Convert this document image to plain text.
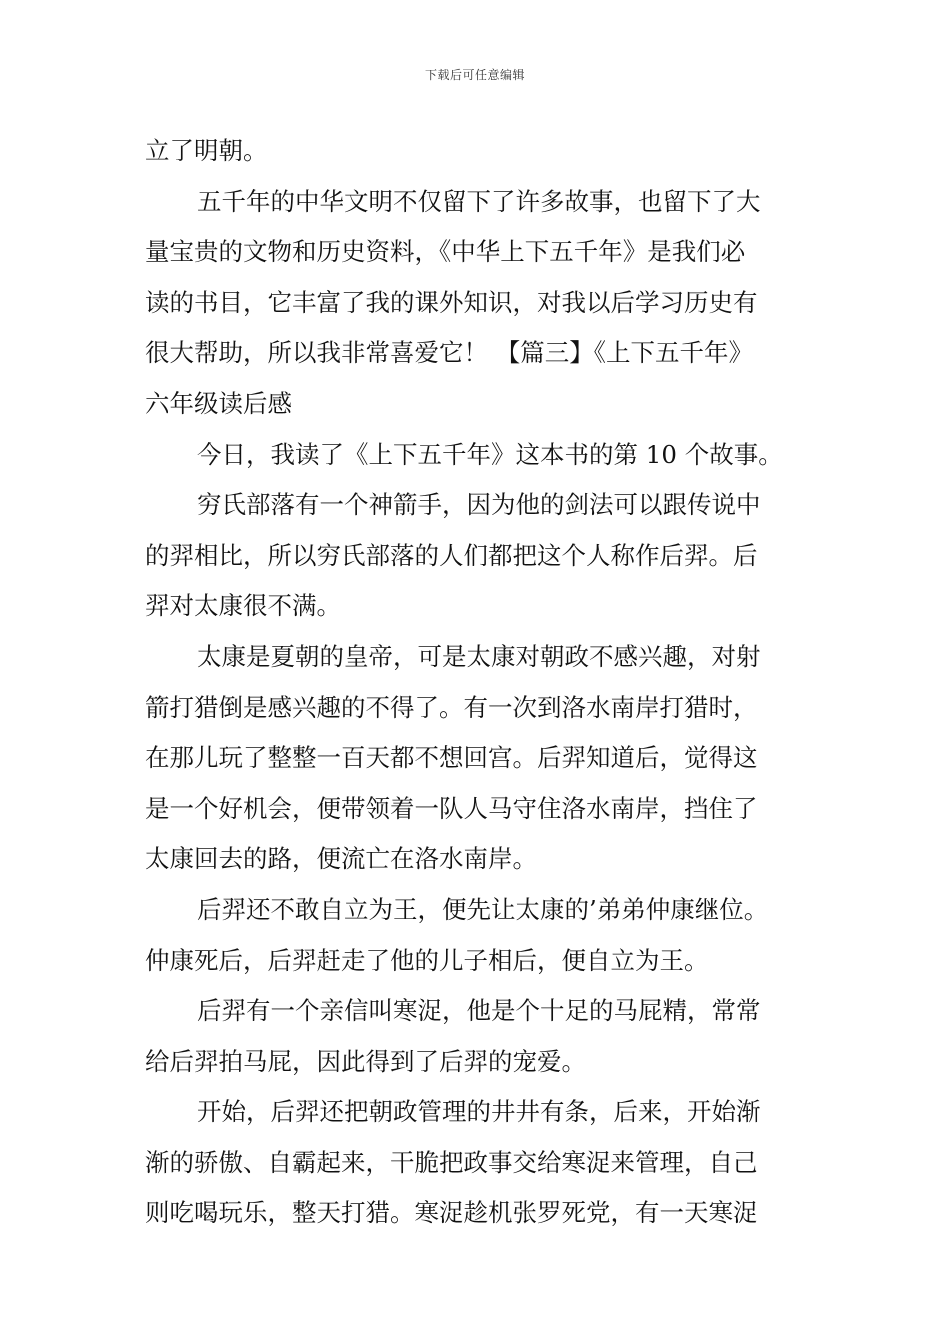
下载后可任意编辑
立了明朝。
五千年的中华文明不仅留下了许多故事，也留下了大
量宝贵的文物和历史资料，《中华上下五千年》是我们必
读的书目，它丰富了我的课外知识，对我以后学习历史有
很大帮助，所以我非常喜爱它！ 【篇三】《上下五千年》
六年级读后感
今日，我读了《上下五千年》这本书的第 10 个故事。
穷氏部落有一个神箭手，因为他的剑法可以跟传说中
的羿相比，所以穷氏部落的人们都把这个人称作后羿。后
羿对太康很不满。
太康是夏朝的皇帝，可是太康对朝政不感兴趣，对射
箭打猎倒是感兴趣的不得了。有一次到洛水南岸打猎时，
在那儿玩了整整一百天都不想回宫。后羿知道后，觉得这
是一个好机会，便带领着一队人马守住洛水南岸，挡住了
太康回去的路，便流亡在洛水南岸。
后羿还不敢自立为王，便先让太康的’弟弟仲康继位。
仲康死后，后羿赶走了他的儿子相后，便自立为王。
后羿有一个亲信叫寒浞，他是个十足的马屁精，常常
给后羿拍马屁，因此得到了后羿的宠爱。
开始，后羿还把朝政管理的井井有条，后来，开始渐
渐的骄傲、自霸起来，干脆把政事交给寒浞来管理，自己
则吃喝玩乐，整天打猎。寒浞趁机张罗死党，有一天寒浞
